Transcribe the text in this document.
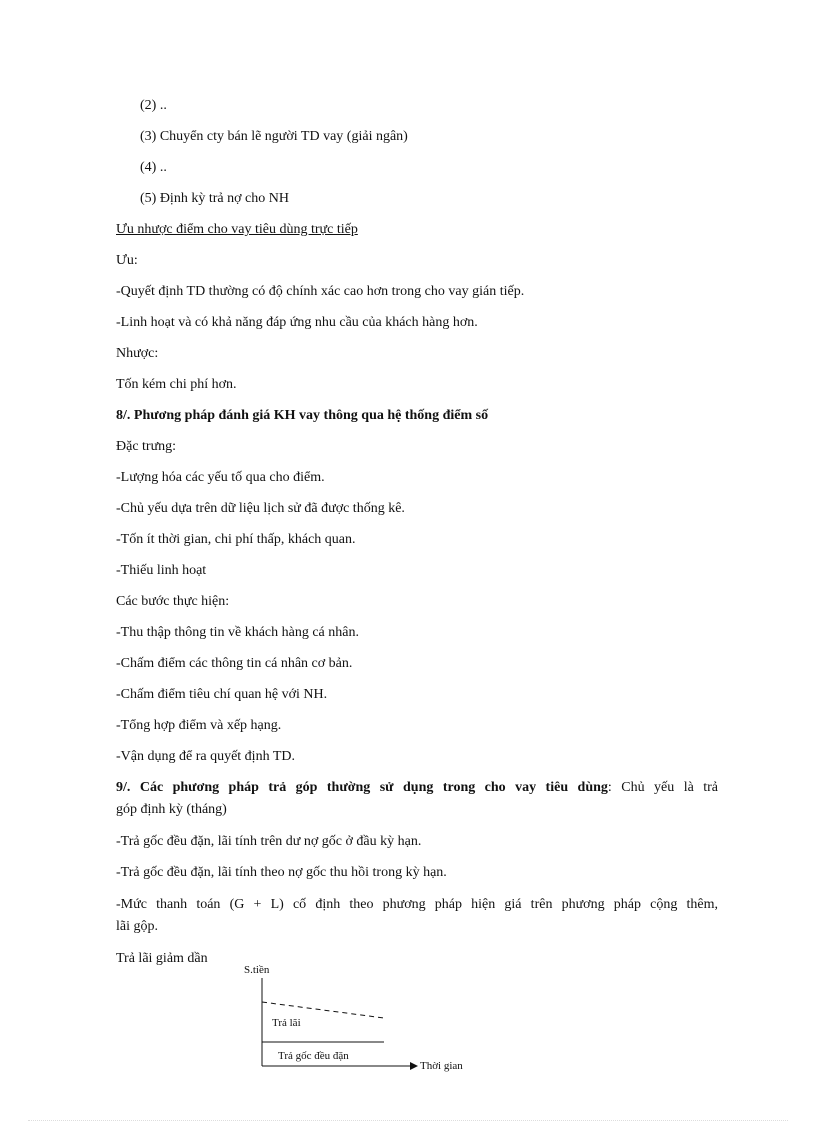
(2) ..
(3) Chuyển cty bán lẽ người TD vay (giải ngân)
(4) ..
(5) Định kỳ trả nợ cho NH
Ưu nhược điểm cho vay tiêu dùng trực tiếp
Ưu:
-Quyết định TD thường có độ chính xác cao hơn trong cho vay gián tiếp.
-Linh hoạt và có khả năng đáp ứng nhu cầu của khách hàng hơn.
Nhược:
Tốn kém chi phí hơn.
8/. Phương pháp đánh giá KH vay thông qua hệ thống điểm số
Đặc trưng:
-Lượng hóa các yếu tố qua cho điểm.
-Chủ yếu dựa trên dữ liệu lịch sử đã được thống kê.
-Tốn ít thời gian, chi phí thấp, khách quan.
-Thiếu linh hoạt
Các bước thực hiện:
-Thu thập thông tin về khách hàng cá nhân.
-Chấm điểm các thông tin cá nhân cơ bản.
-Chấm điểm tiêu chí quan hệ với NH.
-Tổng hợp điểm và xếp hạng.
-Vận dụng để ra quyết định TD.
9/. Các phương pháp trả góp thường sử dụng trong cho vay tiêu dùng: Chủ yếu là trả
góp định kỳ (tháng)
-Trả gốc đều đặn, lãi tính trên dư nợ gốc ở đầu kỳ hạn.
-Trả gốc đều đặn, lãi tính theo nợ gốc thu hồi trong kỳ hạn.
-Mức thanh toán (G + L) cố định theo phương pháp hiện giá trên phương pháp cộng thêm,
lãi gộp.
Trả lãi giảm dần
S.tiền
Thời gian
Trả lãi
Trả gốc đều đặn
